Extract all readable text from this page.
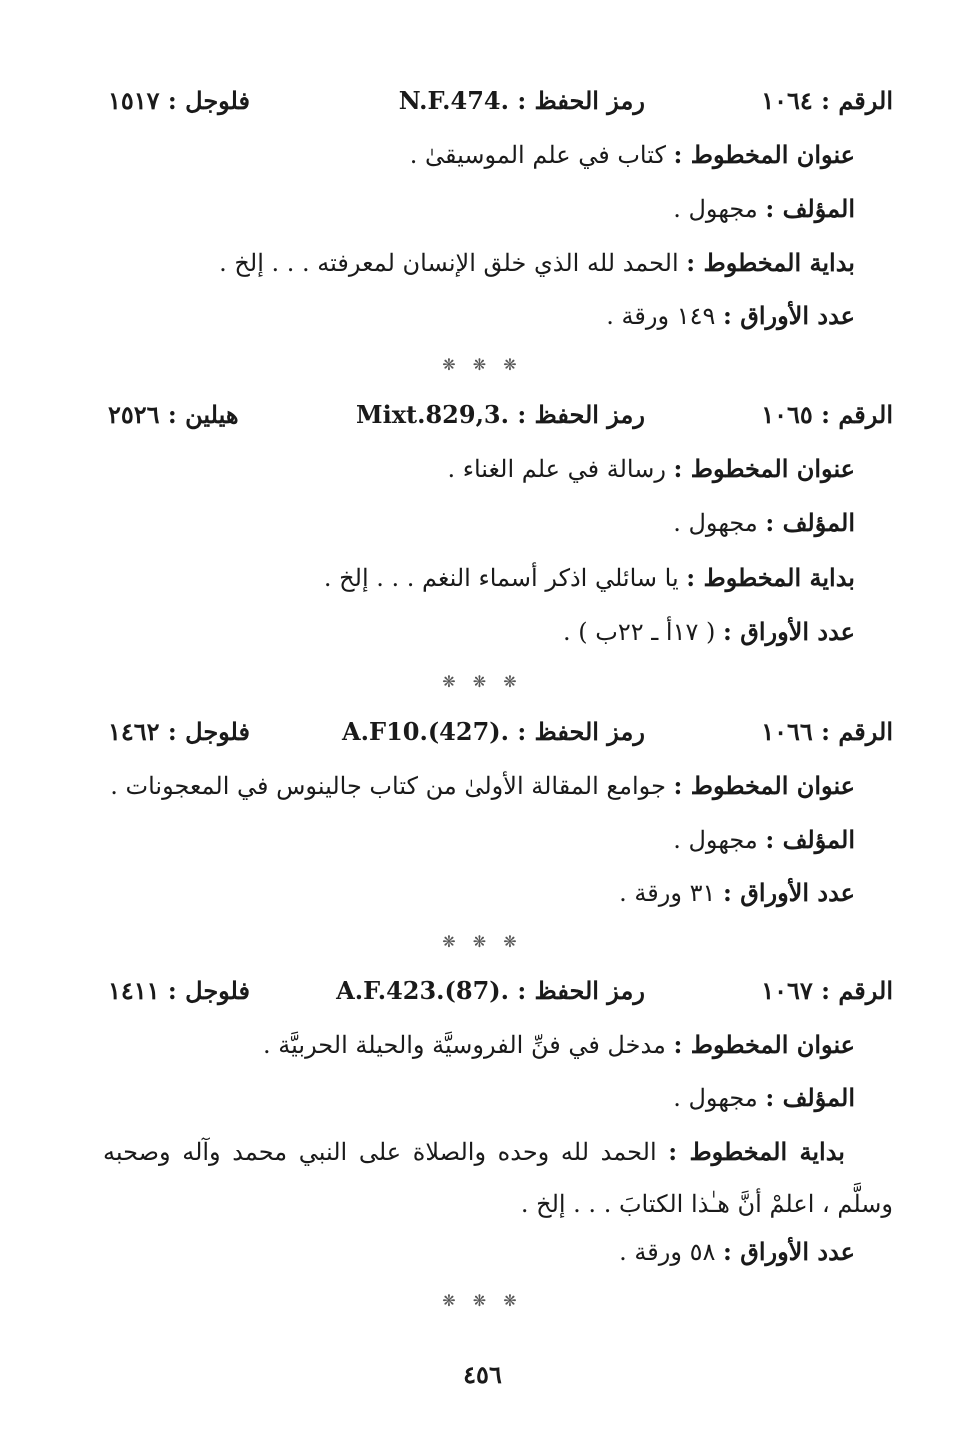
الرقم : ١٠٦٤
رمز الحفظ : N.F.474.
فلوجل : ١٥١٧
عنوان المخطوط : كتاب في علم الموسيقىٰ .
المؤلف : مجهول .
بداية المخطوط : الحمد لله الذي خلق الإنسان لمعرفته . . . إلخ .
عدد الأوراق : ١٤٩ ورقة .
❋ ❋ ❋
الرقم : ١٠٦٥
رمز الحفظ : Mixt.829,3.
هيلين : ٢٥٢٦
عنوان المخطوط : رسالة في علم الغناء .
المؤلف : مجهول .
بداية المخطوط : يا سائلي اذكر أسماء النغم . . . إلخ .
عدد الأوراق : ( ١٧أ ـ ٢٢ب ) .
❋ ❋ ❋
الرقم : ١٠٦٦
رمز الحفظ : A.F10.(427).
فلوجل : ١٤٦٢
عنوان المخطوط : جوامع المقالة الأولىٰ من كتاب جالينوس في المعجونات .
المؤلف : مجهول .
عدد الأوراق : ٣١ ورقة .
❋ ❋ ❋
الرقم : ١٠٦٧
رمز الحفظ : A.F.423.(87).
فلوجل : ١٤١١
عنوان المخطوط : مدخل في فنِّ الفروسيَّة والحيلة الحربيَّة .
المؤلف : مجهول .
  بداية المخطوط : الحمد لله وحده والصلاة على النبي محمد وآله وصحبه وسلَّم ، اعلمْ أنَّ هـٰذا الكتابَ . . . إلخ .
عدد الأوراق : ٥٨ ورقة .
❋ ❋ ❋
٤٥٦
